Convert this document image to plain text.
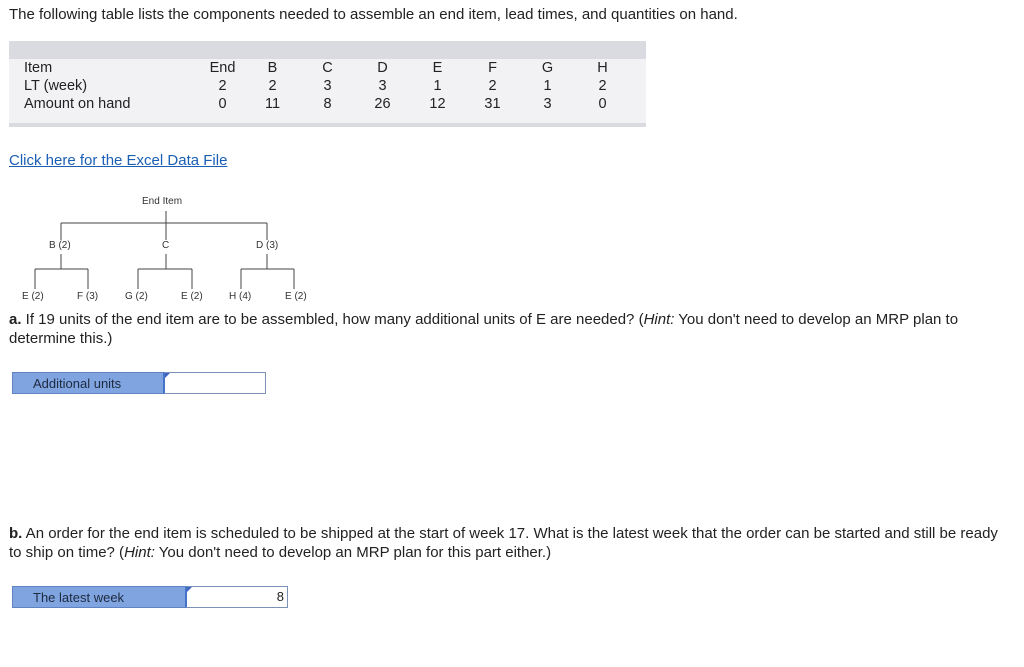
The following table lists the components needed to assemble an end item, lead times, and quantities on hand.
Item	End	B	C	D	E	F	G	H
LT (week)	2	2	3	3	1	2	1	2
Amount on hand	0	11	8	26	12	31	3	0
Click here for the Excel Data File
End Item
B (2)	C	D (3)
E (2)	F (3)	G (2)	E (2)	H (4)	E (2)
a. If 19 units of the end item are to be assembled, how many additional units of E are needed? (Hint: You don't need to develop an MRP plan to determine this.)
Additional units
b. An order for the end item is scheduled to be shipped at the start of week 17. What is the latest week that the order can be started and still be ready to ship on time? (Hint: You don't need to develop an MRP plan for this part either.)
The latest week	8
